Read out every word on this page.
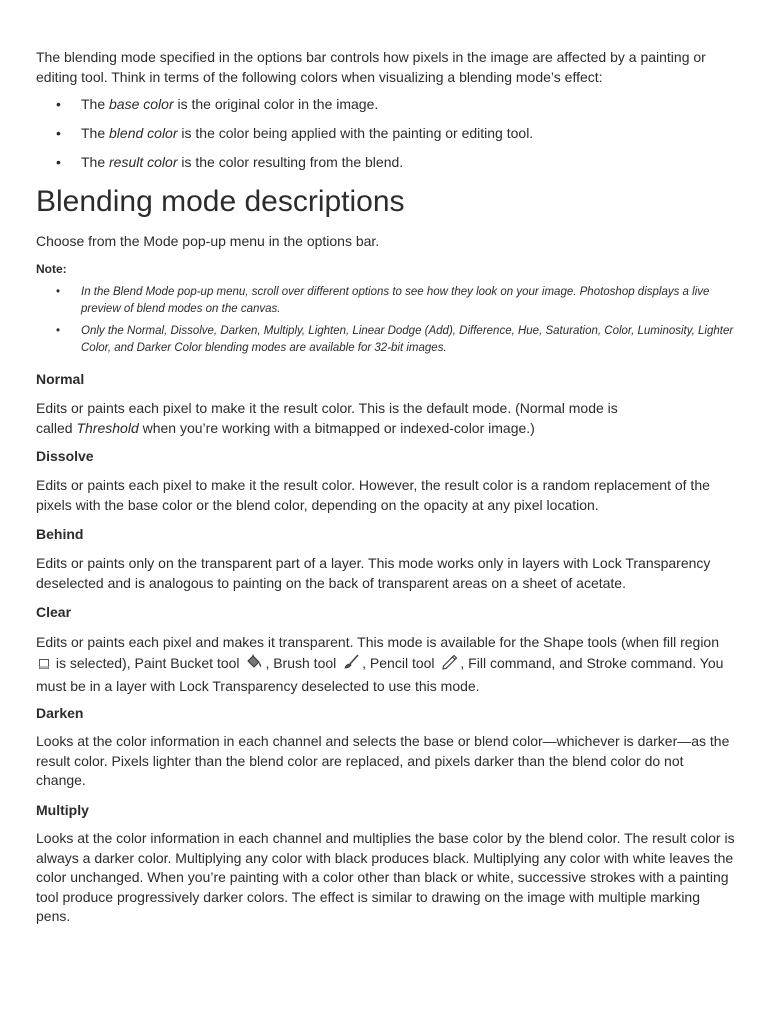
The blending mode specified in the options bar controls how pixels in the image are affected by a painting or editing tool. Think in terms of the following colors when visualizing a blending mode’s effect:

• The base color is the original color in the image.
• The blend color is the color being applied with the painting or editing tool.
• The result color is the color resulting from the blend.
Blending mode descriptions

Choose from the Mode pop-up menu in the options bar.

Note:

• In the Blend Mode pop-up menu, scroll over different options to see how they look on your image. Photoshop displays a live preview of blend modes on the canvas.
• Only the Normal, Dissolve, Darken, Multiply, Lighten, Linear Dodge (Add), Difference, Hue, Saturation, Color, Luminosity, Lighter Color, and Darker Color blending modes are available for 32-bit images.

Normal

Edits or paints each pixel to make it the result color. This is the default mode. (Normal mode is called Threshold when you’re working with a bitmapped or indexed-color image.)

Dissolve

Edits or paints each pixel to make it the result color. However, the result color is a random replacement of the pixels with the base color or the blend color, depending on the opacity at any pixel location.

Behind

Edits or paints only on the transparent part of a layer. This mode works only in layers with Lock Transparency deselected and is analogous to painting on the back of transparent areas on a sheet of acetate.

Clear

Edits or paints each pixel and makes it transparent. This mode is available for the Shape tools (when fill region  is selected), Paint Bucket tool , Brush tool , Pencil tool , Fill command, and Stroke command. You must be in a layer with Lock Transparency deselected to use this mode.

Darken

Looks at the color information in each channel and selects the base or blend color—whichever is darker—as the result color. Pixels lighter than the blend color are replaced, and pixels darker than the blend color do not change.

Multiply

Looks at the color information in each channel and multiplies the base color by the blend color. The result color is always a darker color. Multiplying any color with black produces black. Multiplying any color with white leaves the color unchanged. When you’re painting with a color other than black or white, successive strokes with a painting tool produce progressively darker colors. The effect is similar to drawing on the image with multiple marking pens.
